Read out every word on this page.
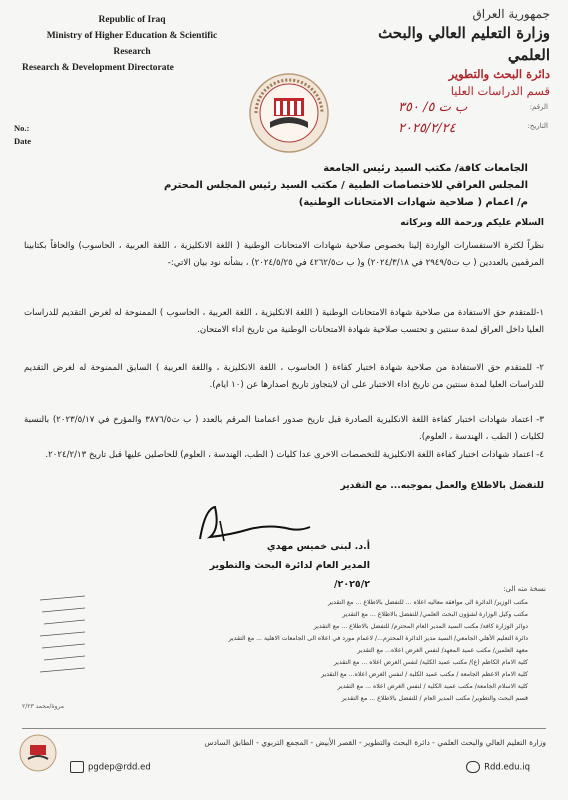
Republic of Iraq
Ministry of Higher Education & Scientific
Research
Research & Development Directorate
No.:
Date
جمهورية العراق
وزارة التعليم العالي والبحث العلمي
دائرة البحث والتطوير
قسم الدراسات العليا
الرقم:
ب ت ٥/ ٣٥٠
التاريخ:
٢٠٢٥/٢/٢٤
الجامعات كافة/ مكتب السيد رئيس الجامعة
المجلس العراقي للاختصاصات الطبية / مكتب السيد رئيس المجلس المحترم
م/ اعمام ( صلاحية شهادات الامتحانات الوطنية)
السلام عليكم ورحمة الله وبركاته
نظراً لكثرة الاستفسارات الواردة إلينا بخصوص صلاحية شهادات الامتحانات الوطنية ( اللغة الانكليزية ، اللغة العربية ، الحاسوب) والحاقاً بكتابينا المرقمين بالعددين ( ب ت٢٩٤٩/٥ في ٢٠٢٤/٣/١٨) و( ب ت٤٢٦٢/٥ في ٢٠٢٤/٥/٢٥) ، بشأنه نود بيان الاتي:-
١-للمتقدم حق الاستفادة من صلاحية شهادة الامتحانات الوطنية ( اللغة الانكليزية ، اللغة العربية ، الحاسوب ) الممنوحة له لغرض التقديم للدراسات العليا داخل العراق لمدة سنتين و تحتسب صلاحية شهادة الامتحانات الوطنية من تاريخ اداء الامتحان.
٢- للمتقدم حق الاستفادة من صلاحية شهادة اختبار كفاءة ( الحاسوب ، اللغة الانكليزية ، واللغة العربية ) السابق الممنوحة له لغرض التقديم للدراسات العليا لمدة سنتين من تاريخ اداء الاختبار على ان لايتجاوز تاريخ اصدارها عن (١٠ ايام).
٣- اعتماد شهادات اختبار كفاءة اللغة الانكليزية الصادرة قبل تاريخ صدور اعمامنا المرقم بالعدد ( ب ت٣٨٧٦/٥ والمؤرخ في ٢٠٢٣/٥/١٧) بالنسبة لكليات ( الطب ، الهندسة ، العلوم).
٤- اعتماد شهادات اختبار كفاءة اللغة الانكليزية للتخصصات الاخرى عدا كليات ( الطب، الهندسة ، العلوم) للحاصلين عليها قبل تاريخ ٢٠٢٤/٢/١٣.
للتفضل بالاطلاع والعمل بموجبه... مع التقدير
أ.د. لبنى خميس مهدي
المدير العام لدائرة البحث والتطوير
٢٠٢٥/٢/	نسخة منه الى:
مكتب الوزير/ الدائرة الى موافقة معاليه اعلاه ... للتفضل بالاطلاع ... مع التقدير
مكتب وكيل الوزارة لشؤون البحث العلمي/ للتفضل بالاطلاع ... مع التقدير
دوائر الوزارة كافة/ مكتب السيد المدير العام المحترم/ للتفضل بالاطلاع ... مع التقدير
دائرة التعليم الأهلي الجامعي/ السيد مدير الدائرة المحترم.../ لاعمام مورد في اعلاه الى الجامعات الاهلية ... مع التقدير
معهد العلمين/ مكتب عميد المعهد/ لنفس الغرض اعلاه... مع التقدير
كلية الامام الكاظم (ع)/ مكتب عميد الكلية/ لنفس الغرض اعلاه ... مع التقدير
كلية الامام الاعظم الجامعة / مكتب عميد الكلية / لنفس الغرض اعلاه... مع التقدير
كلية الاسلام الجامعة/ مكتب عميد الكلية / لنفس الغرض اعلاه ... مع التقدير
قسم البحث والتطوير/ مكتب المدير العام / للتفضل بالاطلاع ... مع التقدير
مروة/محمد ٢/٢٣
وزارة التعليم العالي والبحث العلمي - دائرة البحث والتطوير - القصر الأبيض - المجمع التربوي - الطابق السادس
pgdep@rdd.ed	Rdd.edu.iq
